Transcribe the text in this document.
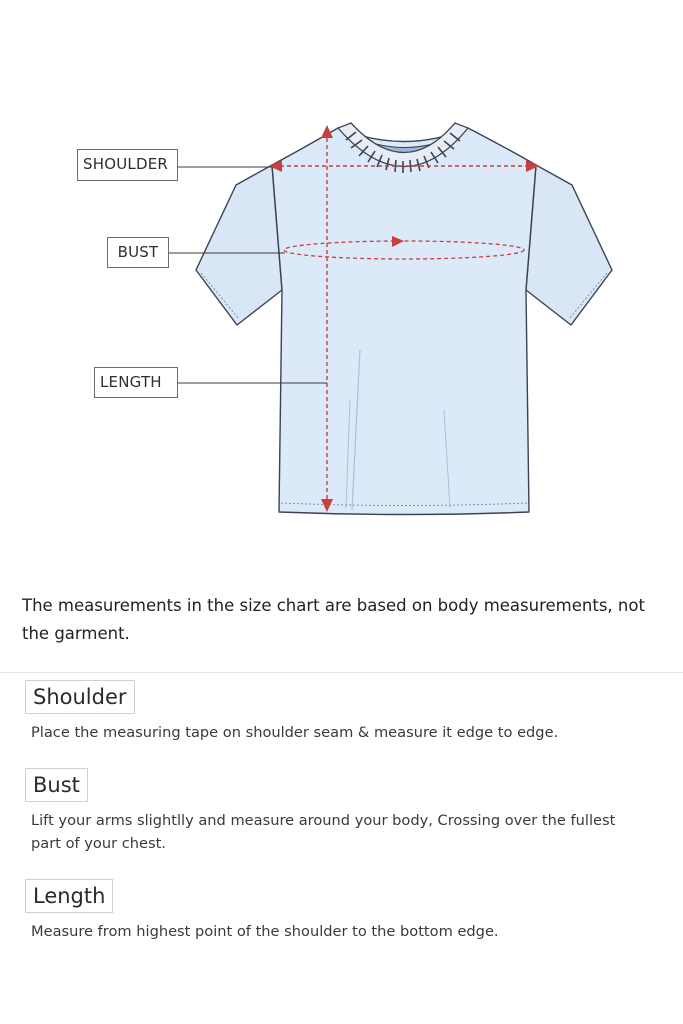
SHOULDER
BUST
LENGTH
The measurements in the size chart are based on body measurements, not the garment.
Shoulder
Place the measuring tape on shoulder seam & measure it edge to edge.
Bust
Lift your arms slightlly and measure around your body, Crossing over the fullest part of your chest.
Length
Measure from highest point of the shoulder to the bottom edge.
